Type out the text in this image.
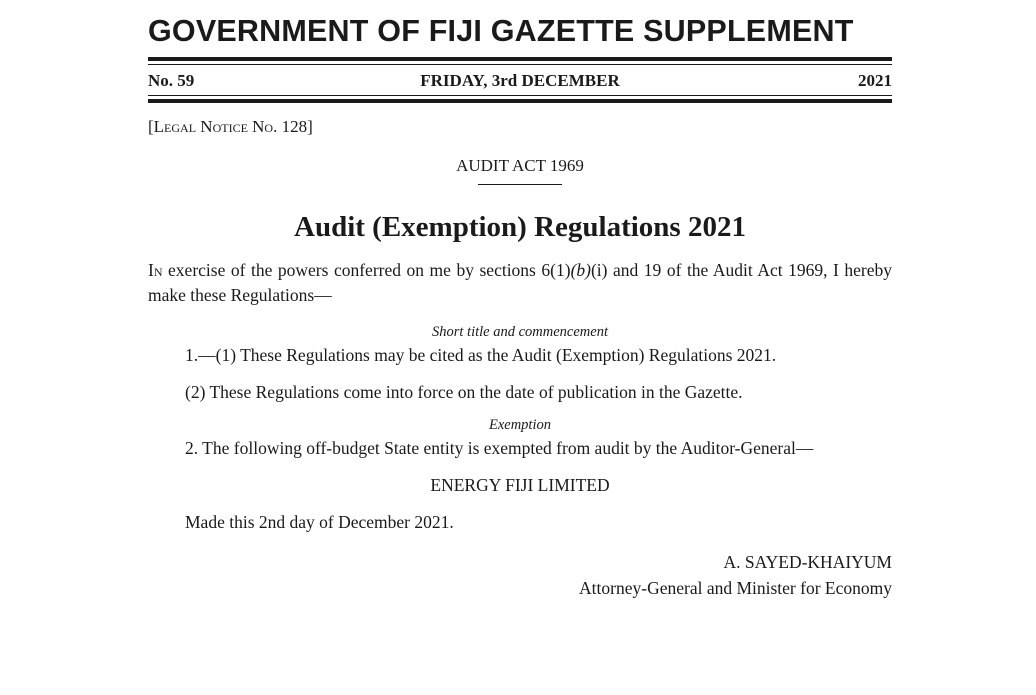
GOVERNMENT OF FIJI GAZETTE SUPPLEMENT
No. 59	2021
FRIDAY, 3rd DECEMBER
[Legal Notice No. 128]
AUDIT ACT 1969
Audit (Exemption) Regulations 2021

In exercise of the powers conferred on me by sections 6(1)(b)(i) and 19 of the Audit Act 1969, I hereby make these Regulations—

Short title and commencement

1.—(1) These Regulations may be cited as the Audit (Exemption) Regulations 2021.

(2) These Regulations come into force on the date of publication in the Gazette.

Exemption

2. The following off-budget State entity is exempted from audit by the Auditor-General—

ENERGY FIJI LIMITED

Made this 2nd day of December 2021.

A. SAYED-KHAIYUM

Attorney-General and Minister for Economy
